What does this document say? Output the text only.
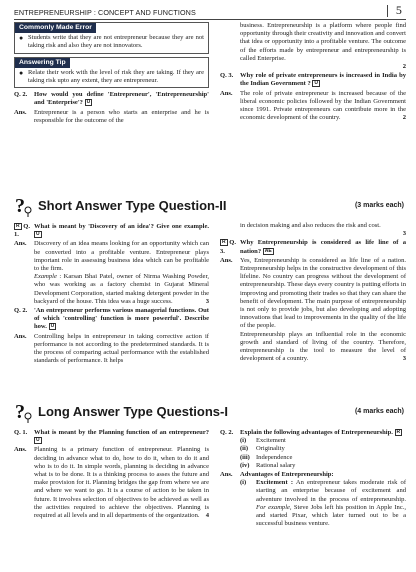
ENTREPRENEURSHIP : CONCEPT AND FUNCTIONS	5
Commonly Made Error
● Students write that they are not entrepreneur because they are not taking risk and also they are not innovators.
Answering Tip
● Relate their work with the level of risk they are taking. If they are taking risk upto any extent, they are entrepreneur.
Q. 2.	How would you define 'Entrepreneur', 'Entrepreneurship' and 'Enterprise'? U
Ans.	Entrepreneur is a person who starts an enterprise and he is responsible for the outcome of the

business. Entrepreneurship is a platform where people find opportunity through their creativity and innovation and convert that idea or opportunity into a profitable venture. The outcome of the efforts made by entrepreneur and entrepreneurship is called Enterprise.

2

Q. 3.	Why role of private entrepreneurs is increased in India by the Indian Government ? U
Ans.	The role of private entrepreneur is increased because of the liberal economic policies followed by the Indian Government since 1991. Private entrepreneurs can contribute more in the economic development of the country.	2
? Short Answer Type Question-II	(3 marks each)
R Q. 1.
What is meant by 'Discovery of an idea'? Give one example. U
Ans.	Discovery of an idea means looking for an opportunity which can be converted into a profitable venture. Entrepreneur plays important role in assessing business idea which can be profitable to the firm.
Example : Karsan Bhai Patel, owner of Nirma Washing Powder, who was working as a factory chemist in Gujarat Mineral Development Corporation, started making detergent powder in the backyard of the house. This idea was a huge success.	3
Q. 2.	'An entrepreneur performs various managerial functions. Out of which 'controlling' function is more powerful'. Describe how. U
Ans.	Controlling helps in entrepreneur in taking corrective action if performance is not according to the predetermined standards. It is the process of comparing actual performance with the established standards of performance. It helps

in decision making and also reduces the risk and cost.

3

R Q. 3.
Why Entrepreneurship is considered as life line of a nation? AE
Ans.	Yes, Entrepreneurship is considered as life line of a nation. Entrepreneurship helps in the constructive development of this lifeline. No country can progress without the development of entrepreneurship. These days every country is putting efforts in improving and promoting their trades so that they can share the benefit of development. The main purpose of entrepreneurship is not only to provide jobs, but also developing and adopting innovations that lead to improvements in the quality of the life of the people.
Entrepreneurship plays an influential role in the economic growth and standard of living of the country. Therefore, entrepreneurship is the tool to measure the level of development of a country.	3
? Long Answer Type Questions-I	(4 marks each)
Q. 1.	What is meant by the Planning function of an entrepreneur? U
Ans.	Planning is a primary function of entrepreneur. Planning is deciding in advance what to do, how to do it, when to do it and who is to do it. In simple words, planning is deciding in advance what is to be done. It is a thinking process to asses the future and make provision for it. Planning bridges the gap from where we are and where we want to go. It is a course of action to be taken in future. It involves selection of objectives to be achieved as well as the activities required to achieve the objectives. Planning is required at all levels and in all departments of the organization. 4
Q. 2.	Explain the following advantages of Entrepreneurship. R
(i)	Excitement
(ii)	Originality
(iii) Independence
(iv) Rational salary
Ans.	Advantages of Entrepreneurship:
(i)	Excitement : An entrepreneur takes moderate risk of starting an enterprise because of excitement and adventure involved in the process of entrepreneurship. For example, Steve Jobs left his position in Apple Inc., and started Pixar, which later turned out to be a successful business venture.
